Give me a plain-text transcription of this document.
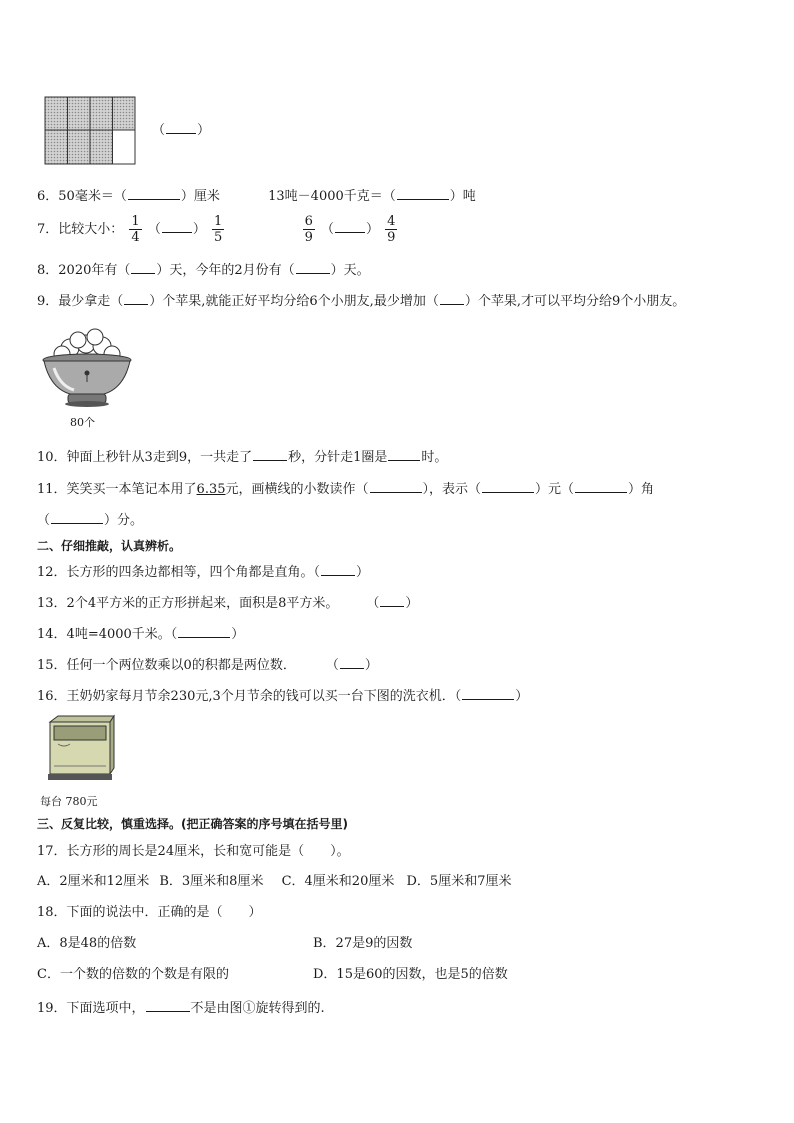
（ ）
6．50毫米＝（	）厘米	13吨－4000千克＝（	）吨
7．比较大小： $\frac{1}{4}$ （ ） $\frac{1}{5}$
	$\frac{6}{9}$ （ ） $\frac{4}{9}$
8．2020年有（ ）天，今年的2月份有（	）天。
9．最少拿走（ ）个苹果,就能正好平均分给6个小朋友,最少增加（ ）个苹果,才可以平均分给9个小朋友。
80个
10．钟面上秒针从3走到9，一共走了	秒，分针走1圈是	时。
11．笑笑买一本笔记本用了6.35元，画横线的小数读作（	），表示（	）元（	）角
（	）分。
二、仔细推敲，认真辨析。
12．长方形的四条边都相等，四个角都是直角。（	）
13．2个4平方米的正方形拼起来，面积是8平方米。 （ ）
14．4吨=4000千米。（	）
15．任何一个两位数乘以0的积都是两位数． （ ）
16．王奶奶家每月节余230元,3个月节余的钱可以买一台下图的洗衣机．（	）
每台 780元
三、反复比较，慎重选择。(把正确答案的序号填在括号里)
17．长方形的周长是24厘米，长和宽可能是（　　）。
A．2厘米和12厘米 B．3厘米和8厘米 C．4厘米和20厘米 D．5厘米和7厘米
18．下面的说法中．正确的是（　　）
A．8是48的倍数	B．27是9的因数
C．一个数的倍数的个数是有限的	D．15是60的因数，也是5的倍数
19．下面选项中，	不是由图①旋转得到的.
